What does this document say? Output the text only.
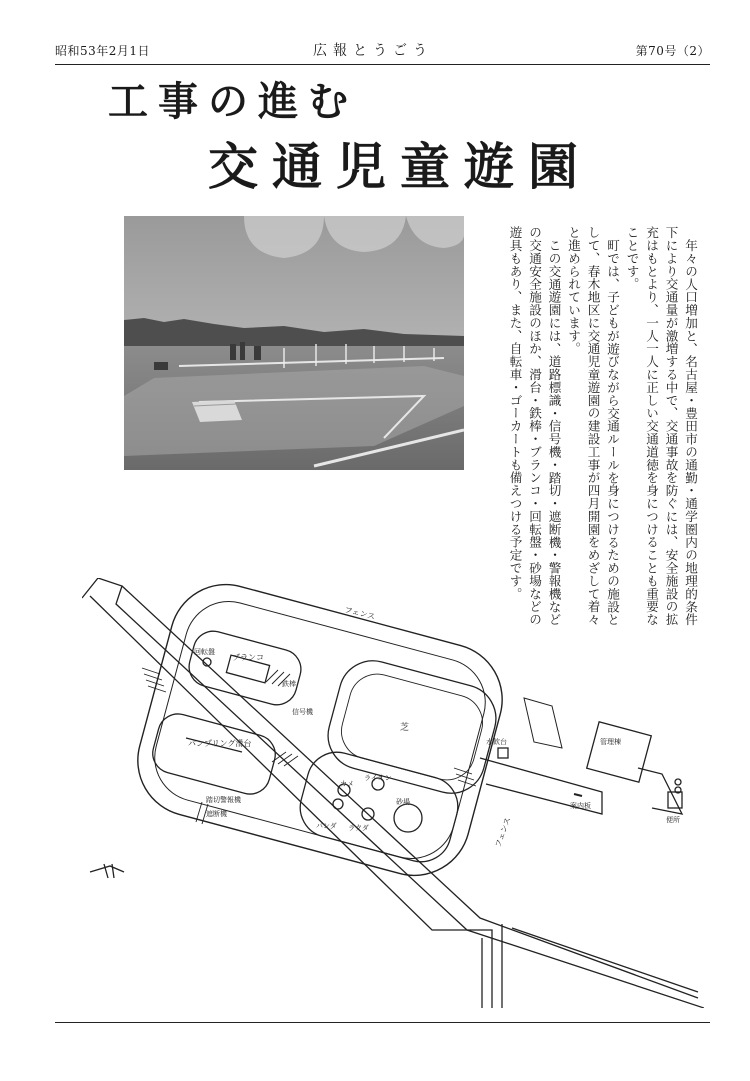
昭和53年2月1日	広報とうごう	第70号（2）
工事の進む
交通児童遊園

年々の人口増加と、名古屋・豊田市の通勤・通学圏内の地理的条件下により交通量が激増する中で、交通事故を防ぐには、安全施設の拡充はもとより、一人一人に正しい交通道徳を身につけることも重要なことです。

町では、子どもが遊びながら交通ルールを身につけるための施設として、春木地区に交通児童遊園の建設工事が四月開園をめざして着々と進められています。

この交通遊園には、道路標識・信号機・踏切・遮断機・警報機などの交通安全施設のほか、滑台・鉄棒・ブランコ・回転盤・砂場などの遊具もあり、また、自転車・ゴーカートも備えつける予定です。

フェンス
フェンス
回転盤
ブランコ
鉄棒
信号機
芝
パンプリング滑台
踏切警報機
遮断機
カメ
ライオン
パンダ ラクダ
砂場
水飲台	管理棟
案内板
便所
